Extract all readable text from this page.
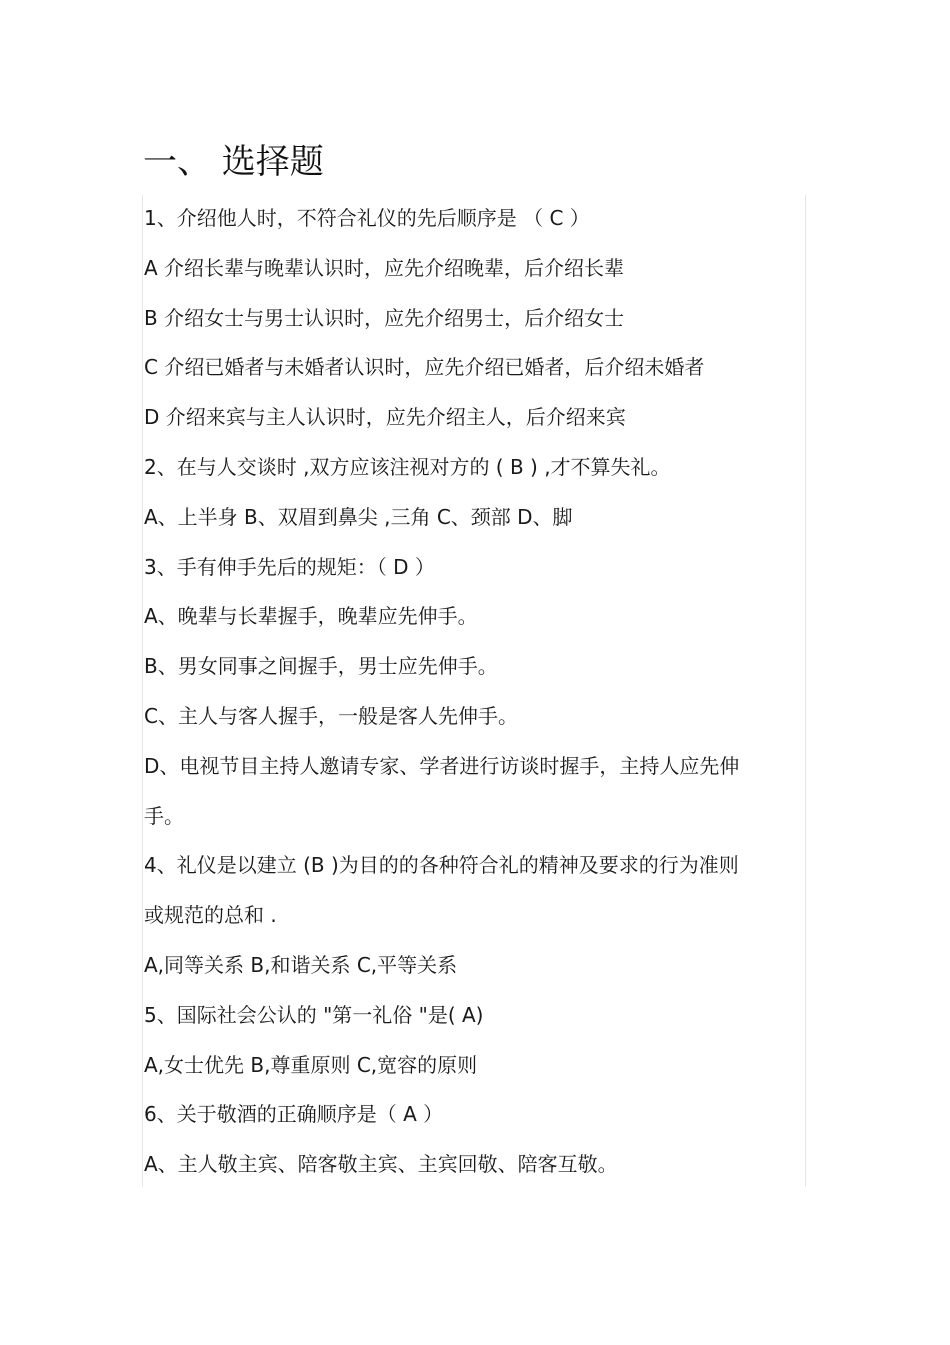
一、 选择题
1、介绍他人时，不符合礼仪的先后顺序是 （ C ）
A 介绍长辈与晚辈认识时，应先介绍晚辈，后介绍长辈
B 介绍女士与男士认识时，应先介绍男士，后介绍女士
C 介绍已婚者与未婚者认识时，应先介绍已婚者，后介绍未婚者
D 介绍来宾与主人认识时，应先介绍主人，后介绍来宾
2、在与人交谈时 ,双方应该注视对方的 ( B ) ,才不算失礼。
A、上半身 B、双眉到鼻尖 ,三角 C、颈部 D、脚
3、手有伸手先后的规矩：（ D ）
A、晚辈与长辈握手，晚辈应先伸手。
B、男女同事之间握手，男士应先伸手。
C、主人与客人握手，一般是客人先伸手。
D、电视节目主持人邀请专家、学者进行访谈时握手，主持人应先伸
手。
4、礼仪是以建立 (B )为目的的各种符合礼的精神及要求的行为准则
或规范的总和 .
A,同等关系 B,和谐关系 C,平等关系
5、国际社会公认的 "第一礼俗 "是( A)
A,女士优先 B,尊重原则 C,宽容的原则
6、关于敬酒的正确顺序是（ A ）
A、主人敬主宾、陪客敬主宾、主宾回敬、陪客互敬。
